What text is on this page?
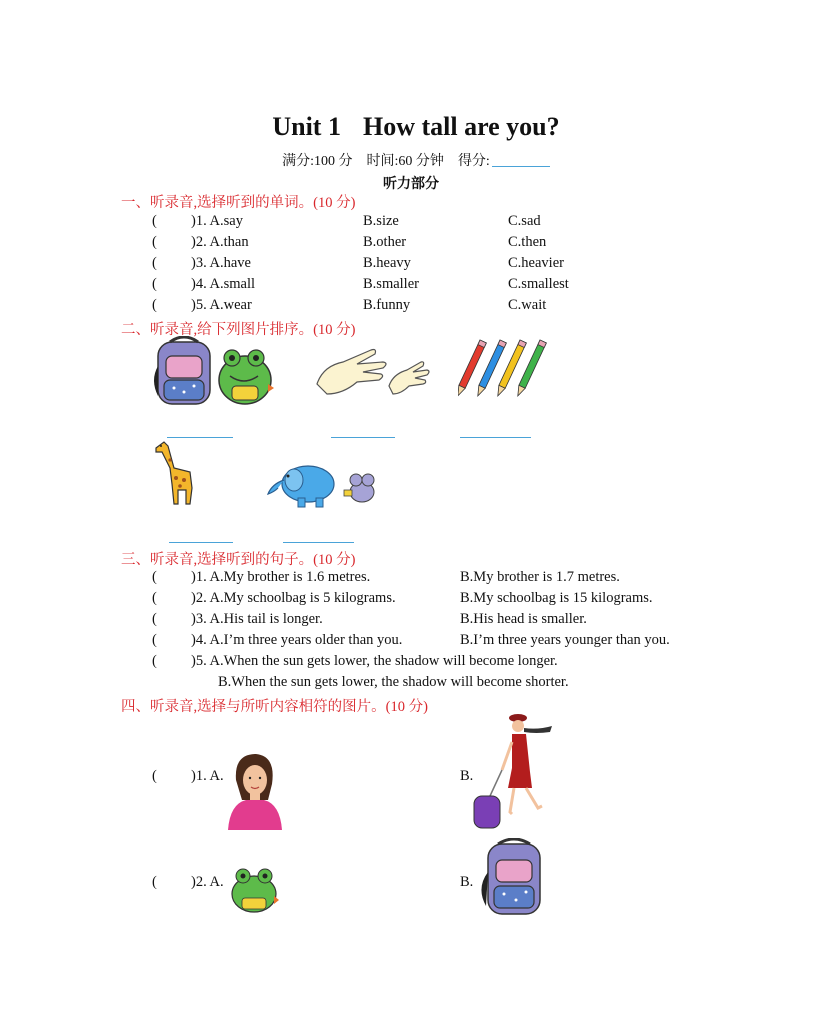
Unit 1 How tall are you?
满分:100 分 时间:60 分钟 得分:
听力部分
一、听录音,选择听到的单词。(10 分)
( )1. A.say	B.size	C.sad
( )2. A.than	B.other	C.then
( )3. A.have	B.heavy	C.heavier
( )4. A.small	B.smaller	C.smallest
( )5. A.wear	B.funny	C.wait
二、听录音,给下列图片排序。(10 分)
三、听录音,选择听到的句子。(10 分)
( )1. A.My brother is 1.6 metres.	B.My brother is 1.7 metres.
( )2. A.My schoolbag is 5 kilograms.	B.My schoolbag is 15 kilograms.
( )3. A.His tail is longer.	B.His head is smaller.
( )4. A.I’m three years older than you.	B.I’m three years younger than you.
( )5. A.When the sun gets lower, the shadow will become longer.
B.When the sun gets lower, the shadow will become shorter.
四、听录音,选择与所听内容相符的图片。(10 分)
( )1. A.	B.
( )2. A.	B.
